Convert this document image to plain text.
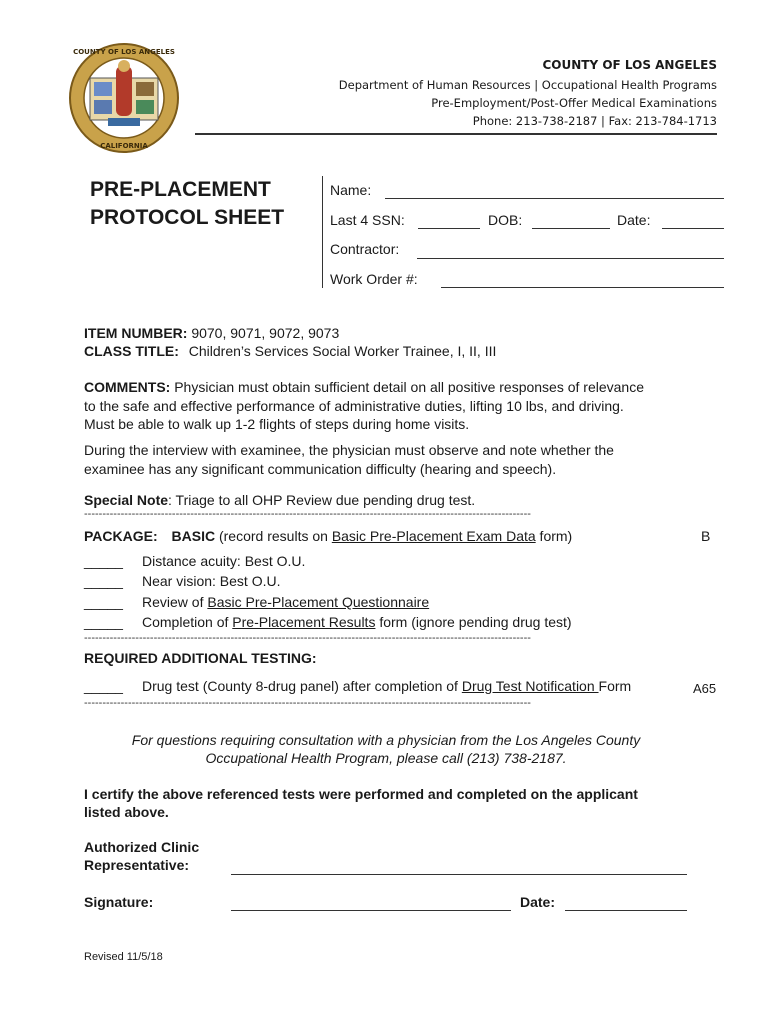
COUNTY OF LOS ANGELES
CALIFORNIA
COUNTY OF LOS ANGELES
Department of Human Resources | Occupational Health Programs
Pre-Employment/Post-Offer Medical Examinations
Phone: 213-738-2187 | Fax: 213-784-1713
PRE-PLACEMENT
PROTOCOL SHEET
Name:
Last 4 SSN:	DOB:	Date:
Contractor:
Work Order #:
ITEM NUMBER: 9070, 9071, 9072, 9073
CLASS TITLE: Children’s Services Social Worker Trainee, I, II, III
COMMENTS: Physician must obtain sufficient detail on all positive responses of relevance
to the safe and effective performance of administrative duties, lifting 10 lbs, and driving.
Must be able to walk up 1-2 flights of steps during home visits.
During the interview with examinee, the physician must observe and note whether the
examinee has any significant communication difficulty (hearing and speech).
Special Note: Triage to all OHP Review due pending drug test.
--------------------------------------------------------------------------------------------------------------------------
PACKAGE: BASIC (record results on Basic Pre-Placement Exam Data form)	B
_____ Distance acuity: Best O.U.
_____ Near vision: Best O.U.
_____ Review of Basic Pre-Placement Questionnaire
_____ Completion of Pre-Placement Results form (ignore pending drug test)
--------------------------------------------------------------------------------------------------------------------------
REQUIRED ADDITIONAL TESTING:
_____ Drug test (County 8-drug panel) after completion of Drug Test Notification Form	A65
--------------------------------------------------------------------------------------------------------------------------
For questions requiring consultation with a physician from the Los Angeles County
Occupational Health Program, please call (213) 738-2187.
I certify the above referenced tests were performed and completed on the applicant
listed above.
Authorized Clinic
Representative:
Signature:	Date:
Revised 11/5/18
